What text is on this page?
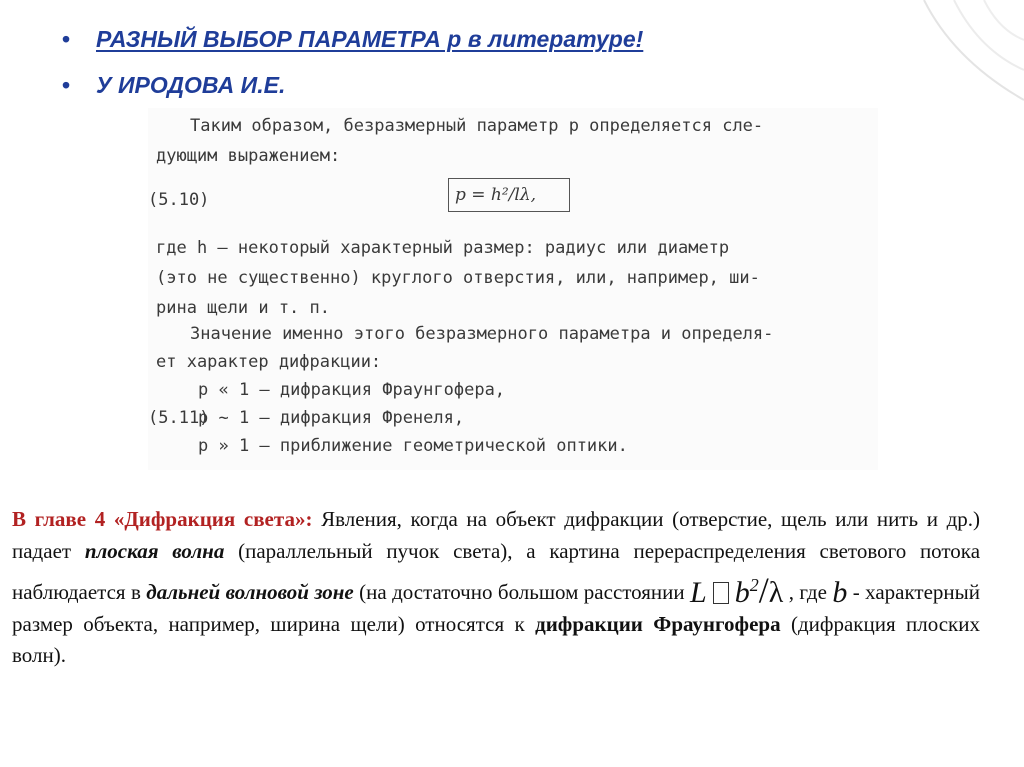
•	РАЗНЫЙ ВЫБОР ПАРАМЕТРА р в литературе!
•	У ИРОДОВА И.Е.
Таким образом, безразмерный параметр p определяется сле-
дующим выражением:
p = h²/lλ,
(5.10)
где h — некоторый характерный размер: радиус или диаметр
(это не существенно) круглого отверстия, или, например, ши-
рина щели и т. п.
Значение именно этого безразмерного параметра и определя-
ет характер дифракции:
p « 1 — дифракция Фраунгофера,
p ~ 1 — дифракция Френеля,
(5.11)
p » 1 — приближение геометрической оптики.
В главе 4 «Дифракция света»: Явления, когда на объект дифракции (отверстие, щель или нить и др.) падает плоская волна (параллельный пучок света), а картина перераспределения светового потока наблюдается в дальней волновой зоне (на достаточно большом расстоянии L $b^2/\lambda$ , где b - характерный размер объекта, например, ширина щели) относятся к дифракции Фраунгофера (дифракция плоских волн).
